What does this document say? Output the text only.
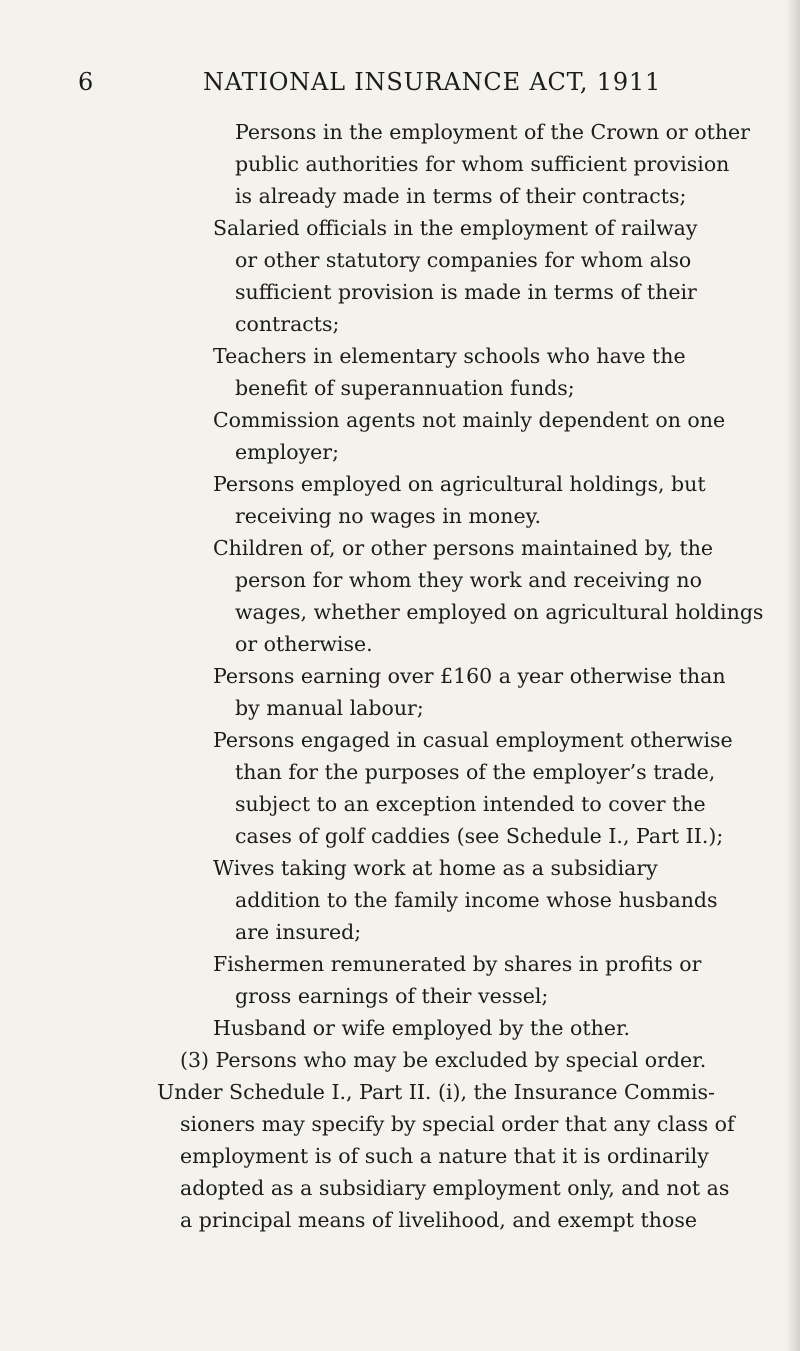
6	NATIONAL INSURANCE ACT, 1911
Persons in the employment of the Crown or other
public authorities for whom sufficient provision
is already made in terms of their contracts;
Salaried officials in the employment of railway
or other statutory companies for whom also
sufficient provision is made in terms of their
contracts;
Teachers in elementary schools who have the
benefit of superannuation funds;
Commission agents not mainly dependent on one
employer;
Persons employed on agricultural holdings, but
receiving no wages in money.
Children of, or other persons maintained by, the
person for whom they work and receiving no
wages, whether employed on agricultural holdings
or otherwise.
Persons earning over £160 a year otherwise than
by manual labour;
Persons engaged in casual employment otherwise
than for the purposes of the employer’s trade,
subject to an exception intended to cover the
cases of golf caddies (see Schedule I., Part II.);
Wives taking work at home as a subsidiary
addition to the family income whose husbands
are insured;
Fishermen remunerated by shares in profits or
gross earnings of their vessel;
Husband or wife employed by the other.
(3) Persons who may be excluded by special order.
Under Schedule I., Part II. (i), the Insurance Commis-
sioners may specify by special order that any class of
employment is of such a nature that it is ordinarily
adopted as a subsidiary employment only, and not as
a principal means of livelihood, and exempt those
